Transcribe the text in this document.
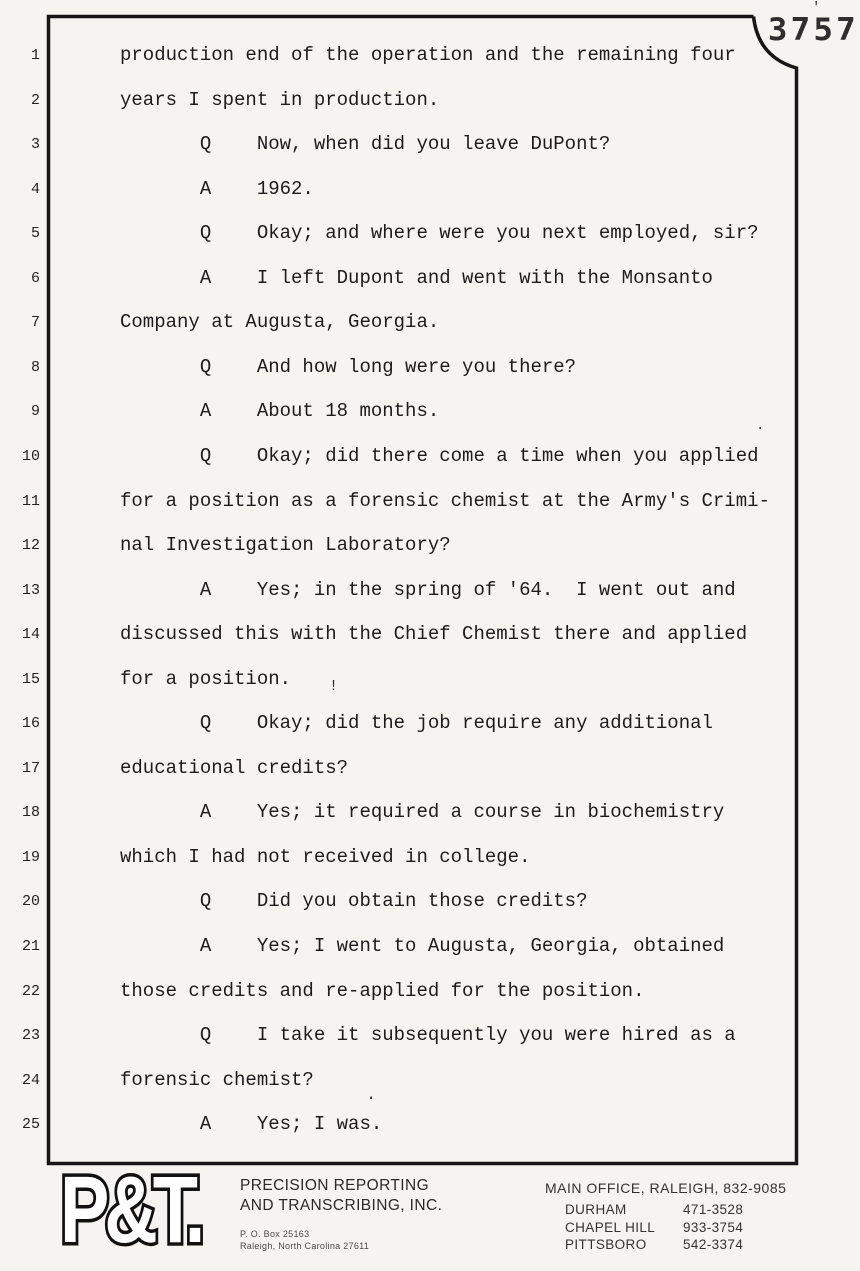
3757
1	production end of the operation and the remaining four
2	years I spent in production.
3	Q    Now, when did you leave DuPont?
4	A    1962.
5	Q    Okay; and where were you next employed, sir?
6	A    I left Dupont and went with the Monsanto
7	Company at Augusta, Georgia.
8	Q    And how long were you there?
9	A    About 18 months.
10	Q    Okay; did there come a time when you applied
11	for a position as a forensic chemist at the Army's Crimi-
12	nal Investigation Laboratory?
13	A    Yes; in the spring of '64.  I went out and
14	discussed this with the Chief Chemist there and applied
15	for a position.
16	Q    Okay; did the job require any additional
17	educational credits?
18	A    Yes; it required a course in biochemistry
19	which I had not received in college.
20	Q    Did you obtain those credits?
21	A    Yes; I went to Augusta, Georgia, obtained
22	those credits and re-applied for the position.
23	Q    I take it subsequently you were hired as a
24	forensic chemist?
25	A    Yes; I was.
!
.
'
.
P&T.	PRECISION REPORTING
AND TRANSCRIBING, INC.
P. O. Box 25163
Raleigh, North Carolina 27611
MAIN OFFICE, RALEIGH, 832-9085
DURHAM	471-3528
CHAPEL HILL	933-3754
PITTSBORO	542-3374
